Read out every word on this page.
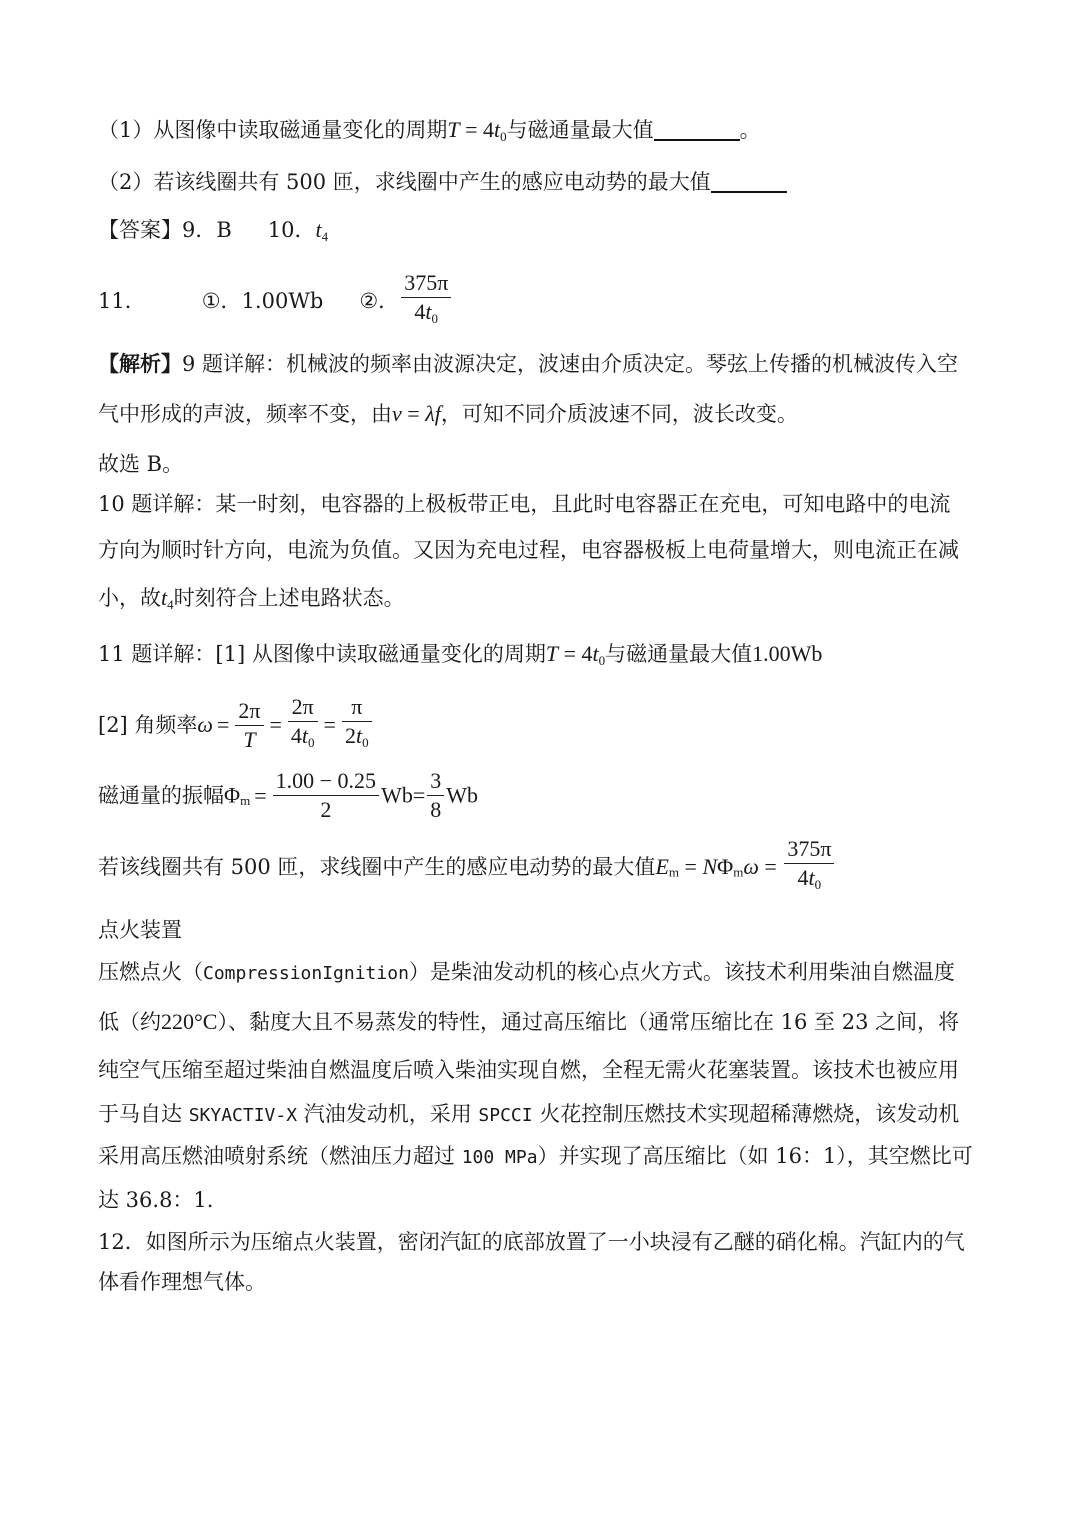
（1）从图像中读取磁通量变化的周期$T = 4t_0$与磁通量最大值	。
（2）若该线圈共有 500 匝，求线圈中产生的感应电动势的最大值
【答案】9．B 10．$t_4$
11．	①．1.00Wb ②． $\frac{375\pi}{4t_0}$
【解析】9 题详解：机械波的频率由波源决定，波速由介质决定。琴弦上传播的机械波传入空
气中形成的声波，频率不变，由v = λf，可知不同介质波速不同，波长改变。
故选 B。
10 题详解：某一时刻，电容器的上极板带正电，且此时电容器正在充电，可知电路中的电流
方向为顺时针方向，电流为负值。又因为充电过程，电容器极板上电荷量增大，则电流正在减
小，故$t_4$时刻符合上述电路状态。
11 题详解：[1] 从图像中读取磁通量变化的周期$T = 4t_0$与磁通量最大值1.00Wb
[2] 角频率$\omega = \frac{2\pi}{T} = \frac{2\pi}{4t_0} = \frac{\pi}{2t_0}$
磁通量的振幅$\Phi_m = \frac{1.00 - 0.25}{2} Wb= \frac{3}{8}$ Wb
若该线圈共有 500 匝，求线圈中产生的感应电动势的最大值$E_m = N\Phi_m\omega = \frac{375\pi}{4t_0}$
点火装置
压燃点火（CompressionIgnition）是柴油发动机的核心点火方式。该技术利用柴油自燃温度
低（约220°C）、黏度大且不易蒸发的特性，通过高压缩比（通常压缩比在 16 至 23 之间，将
纯空气压缩至超过柴油自燃温度后喷入柴油实现自燃，全程无需火花塞装置。该技术也被应用
于马自达 SKYACTIV-X 汽油发动机，采用 SPCCI 火花控制压燃技术实现超稀薄燃烧，该发动机
采用高压燃油喷射系统（燃油压力超过 100 MPa）并实现了高压缩比（如 16：1），其空燃比可
达 36.8：1.
12．如图所示为压缩点火装置，密闭汽缸的底部放置了一小块浸有乙醚的硝化棉。汽缸内的气
体看作理想气体。
